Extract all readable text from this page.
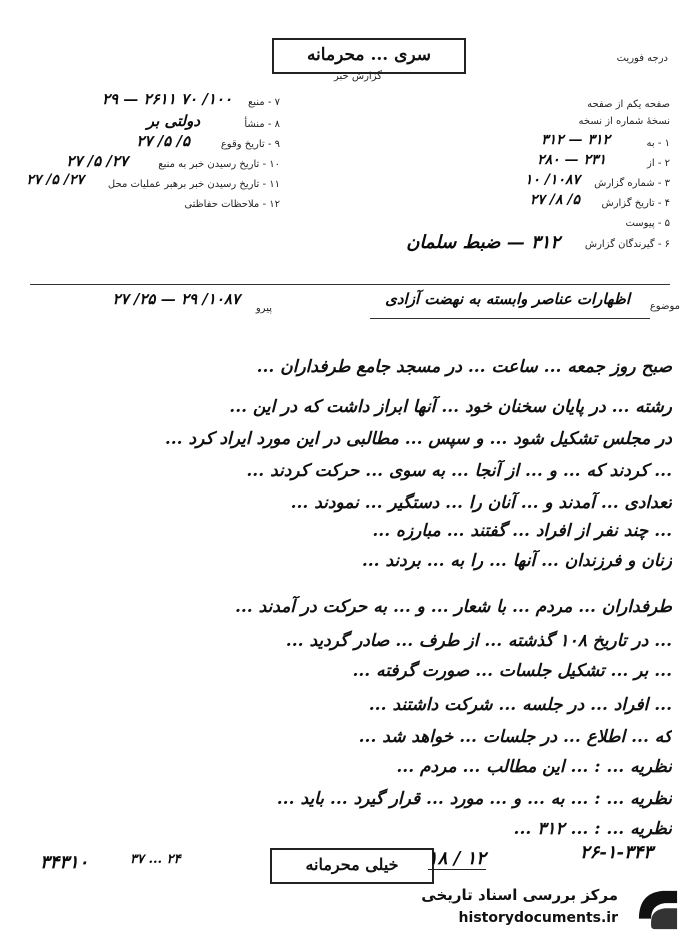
سری ... محرمانه
گزارش خبر
درجه فوریت
۷ - منبع
۱۰۰/ ۷۰ ۲۶۱۱ — ۲۹
۸ - منشأ
دولتی بر
۹ - تاریخ وقوع
۵/ ۵/ ۲۷
۱۰ - تاریخ رسیدن خبر به منبع
۲۷/ ۵/ ۲۷
۱۱ - تاریخ رسیدن خبر برهبر عملیات محل
۲۷/ ۵/ ۲۷
۱۲ - ملاحظات حفاظتی
صفحه یکم از صفحه
نسخهٔ شماره از نسخه
۱ - به
۳۱۲ — ۳۱۲
۲ - از
۲۳۱ — ۲۸۰
۳ - شماره گزارش
۱۰۸۷/ ۱۰
۴ - تاریخ گزارش
۵/ ۸/ ۲۷
۵ - پیوست
۶ - گیرندگان گزارش
۳۱۲ — ضبط سلمان
موضوع
اظهارات عناصر وابسته به نهضت آزادی
پیرو
۱۰۸۷/ ۲۹ — ۲۵/ ۲۷
صبح روز جمعه ... ساعت ... در مسجد جامع طرفداران ...
رشته ... در پایان سخنان خود ... آنها ابراز داشت که در این ...
در مجلس تشکیل شود ... و سپس ... مطالبی در این مورد ایراد کرد ...
... کردند که ... و ... از آنجا ... به سوی ... حرکت کردند ...
تعدادی ... آمدند و ... آنان را ... دستگیر ... نمودند ...
... چند نفر از افراد ... گفتند ... مبارزه ...
زنان و فرزندان ... آنها ... را به ... بردند ...
طرفداران ... مردم ... با شعار ... و ... به حرکت در آمدند ...
... در تاریخ ۱۰۸ گذشته ... از طرف ... صادر گردید ...
... بر ... تشکیل جلسات ... صورت گرفته ...
... افراد ... در جلسه ... شرکت داشتند ...
که ... اطلاع ... در جلسات ... خواهد شد ...
نظریه ... : ... این مطالب ... مردم ...
نظریه ... : ... به ... و ... مورد ... قرار گیرد ... باید ...
نظریه ... : ... ۳۱۲ ...
۳۴۳۱۰	۳۷ ... ۲۴	خیلی محرمانه	۱۸ / ۱۲	۲۶-۱-۳۴۳
مرکز بررسی اسناد تاریخی
historydocuments.ir
